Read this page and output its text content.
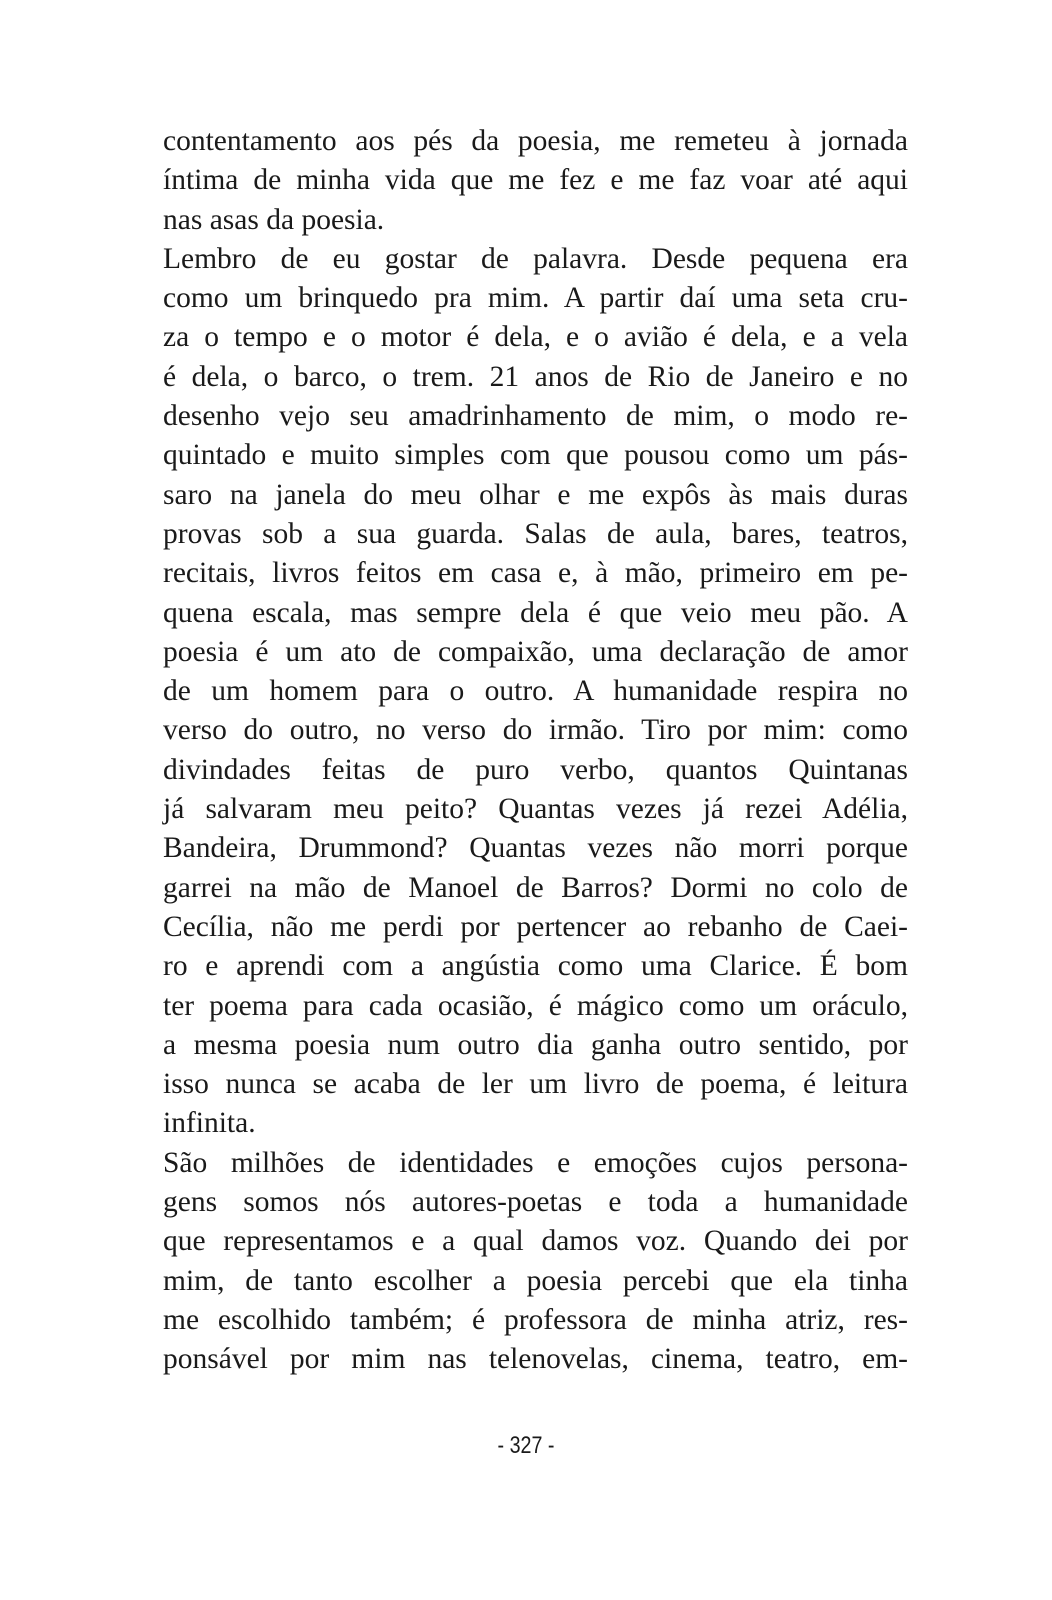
contentamento aos pés da poesia, me remeteu à jornada
íntima de minha vida que me fez e me faz voar até aqui
nas asas da poesia.
Lembro de eu gostar de palavra. Desde pequena era
como um brinquedo pra mim. A partir daí uma seta cru-
za o tempo e o motor é dela, e o avião é dela, e a vela
é dela, o barco, o trem. 21 anos de Rio de Janeiro e no
desenho vejo seu amadrinhamento de mim, o modo re-
quintado e muito simples com que pousou como um pás-
saro na janela do meu olhar e me expôs às mais duras
provas sob a sua guarda. Salas de aula, bares, teatros,
recitais, livros feitos em casa e, à mão, primeiro em pe-
quena escala, mas sempre dela é que veio meu pão. A
poesia é um ato de compaixão, uma declaração de amor
de um homem para o outro. A humanidade respira no
verso do outro, no verso do irmão. Tiro por mim: como
divindades feitas de puro verbo, quantos Quintanas
já salvaram meu peito? Quantas vezes já rezei Adélia,
Bandeira, Drummond? Quantas vezes não morri porque
garrei na mão de Manoel de Barros? Dormi no colo de
Cecília, não me perdi por pertencer ao rebanho de Caei-
ro e aprendi com a angústia como uma Clarice. É bom
ter poema para cada ocasião, é mágico como um oráculo,
a mesma poesia num outro dia ganha outro sentido, por
isso nunca se acaba de ler um livro de poema, é leitura
infinita.
São milhões de identidades e emoções cujos persona-
gens somos nós autores-poetas e toda a humanidade
que representamos e a qual damos voz. Quando dei por
mim, de tanto escolher a poesia percebi que ela tinha
me escolhido também; é professora de minha atriz, res-
ponsável por mim nas telenovelas, cinema, teatro, em-
- 327 -
